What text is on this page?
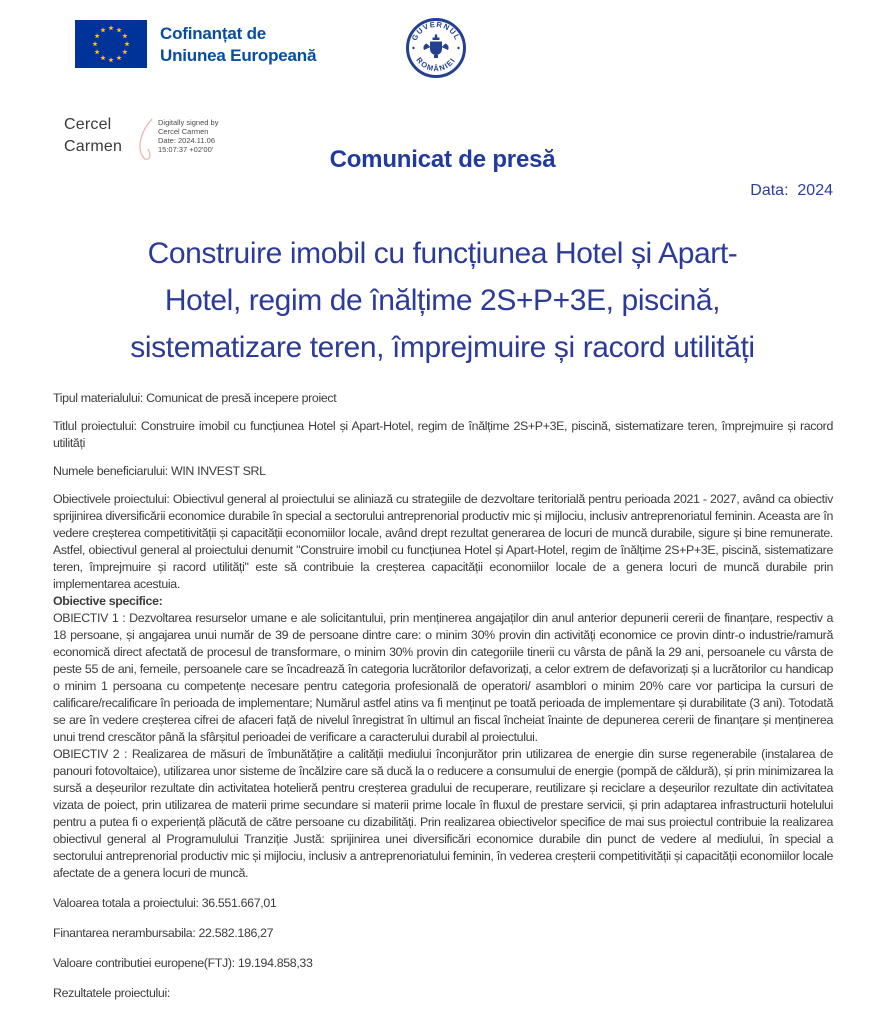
Cofinanțat de
Uniunea Europeană
GUVERNUL
ROMÂNIEI
Cercel
Carmen
Digitally signed by
Cercel Carmen
Date: 2024.11.06
15:07:37 +02'00'	Comunicat de presă
Data:  2024
Construire imobil cu funcțiunea Hotel și Apart-
Hotel, regim de înălțime 2S+P+3E, piscină,
sistematizare teren, împrejmuire și racord utilități

Tipul materialului: Comunicat de presă incepere proiect

Titlul proiectului: Construire imobil cu funcțiunea Hotel și Apart-Hotel, regim de înălțime 2S+P+3E, piscină, sistematizare teren, împrejmuire și racord utilități

Numele beneficiarului: WIN INVEST SRL

Obiectivele proiectului: Obiectivul general al proiectului se aliniază cu strategiile de dezvoltare teritorială pentru perioada 2021 - 2027, având ca obiectiv sprijinirea diversificării economice durabile în special a sectorului antreprenorial productiv mic și mijlociu, inclusiv antreprenoriatul feminin. Aceasta are în vedere creșterea competitivității și capacității economiilor locale, având drept rezultat generarea de locuri de muncă durabile, sigure și bine remunerate. Astfel, obiectivul general al proiectului denumit "Construire imobil cu funcțiunea Hotel și Apart-Hotel, regim de înălțime 2S+P+3E, piscină, sistematizare teren, împrejmuire și racord utilități" este să contribuie la creșterea capacității economiilor locale de a genera locuri de muncă durabile prin implementarea acestuia.

Obiective specifice:

OBIECTIV 1 : Dezvoltarea resurselor umane e ale solicitantului, prin menținerea angajaților din anul anterior depunerii cererii de finanțare, respectiv a 18 persoane, și angajarea unui număr de 39 de persoane dintre care: o minim 30% provin din activități economice ce provin dintr-o industrie/ramură economică direct afectată de procesul de transformare, o minim 30% provin din categoriile tinerii cu vârsta de până la 29 ani, persoanele cu vârsta de peste 55 de ani, femeile, persoanele care se încadrează în categoria lucrătorilor defavorizați, a celor extrem de defavorizați și a lucrătorilor cu handicap o minim 1 persoana cu competențe necesare pentru categoria profesională de operatori/ asamblori o minim 20% care vor participa la cursuri de calificare/recalificare în perioada de implementare; Numărul astfel atins va fi menținut pe toată perioada de implementare și durabilitate (3 ani). Totodată se are în vedere creșterea cifrei de afaceri față de nivelul înregistrat în ultimul an fiscal încheiat înainte de depunerea cererii de finanțare și menținerea unui trend crescător până la sfârșitul perioadei de verificare a caracterului durabil al proiectului.

OBIECTIV 2 : Realizarea de măsuri de îmbunătățire a calității mediului înconjurător prin utilizarea de energie din surse regenerabile (instalarea de panouri fotovoltaice), utilizarea unor sisteme de încălzire care să ducă la o reducere a consumului de energie (pompă de căldură), și prin minimizarea la sursă a deșeurilor rezultate din activitatea hotelieră pentru creșterea gradului de recuperare, reutilizare și reciclare a deșeurilor rezultate din activitatea vizata de poiect, prin utilizarea de materii prime secundare si materii prime locale în fluxul de prestare servicii, și prin adaptarea infrastructurii hotelului pentru a putea fi o experiență plăcută de către persoane cu dizabilități. Prin realizarea obiectivelor specifice de mai sus proiectul contribuie la realizarea obiectivul general al Programulului Tranziție Justă: sprijinirea unei diversificări economice durabile din punct de vedere al mediului, în special a sectorului antreprenorial productiv mic și mijlociu, inclusiv a antreprenoriatului feminin, în vederea creșterii competitivității și capacității economiilor locale afectate de a genera locuri de muncă.

Valoarea totala a proiectului: 36.551.667,01

Finantarea nerambursabila: 22.582.186,27

Valoare contributiei europene(FTJ): 19.194.858,33

Rezultatele proiectului:
